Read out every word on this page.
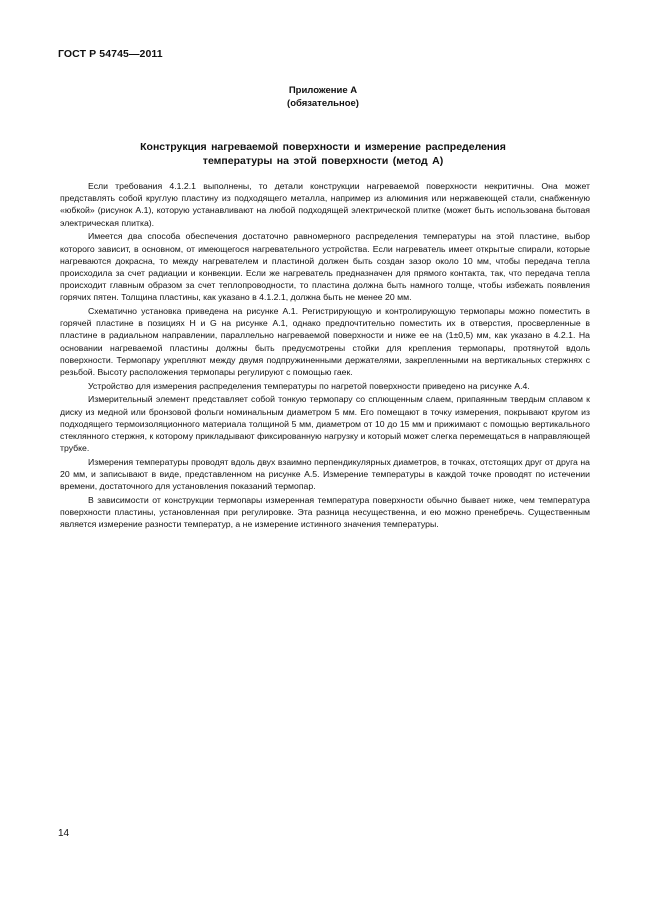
ГОСТ Р 54745—2011
Приложение А
(обязательное)
Конструкция нагреваемой поверхности и измерение распределения
температуры на этой поверхности (метод А)

Если требования 4.1.2.1 выполнены, то детали конструкции нагреваемой поверхности некритичны. Она может представлять собой круглую пластину из подходящего металла, например из алюминия или нержавеющей стали, снабженную «юбкой» (рисунок А.1), которую устанавливают на любой подходящей электрической плитке (может быть использована бытовая электрическая плитка).

Имеется два способа обеспечения достаточно равномерного распределения температуры на этой пластине, выбор которого зависит, в основном, от имеющегося нагревательного устройства. Если нагреватель имеет открытые спирали, которые нагреваются докрасна, то между нагревателем и пластиной должен быть создан зазор около 10 мм, чтобы передача тепла происходила за счет радиации и конвекции. Если же нагреватель предназначен для прямого контакта, так, что передача тепла происходит главным образом за счет теплопроводности, то пластина должна быть намного толще, чтобы избежать появления горячих пятен. Толщина пластины, как указано в 4.1.2.1, должна быть не менее 20 мм.

Схематично установка приведена на рисунке А.1. Регистрирующую и контролирующую термопары можно поместить в горячей пластине в позициях H и G на рисунке А.1, однако предпочтительно поместить их в отверстия, просверленные в пластине в радиальном направлении, параллельно нагреваемой поверхности и ниже ее на (1±0,5) мм, как указано в 4.2.1. На основании нагреваемой пластины должны быть предусмотрены стойки для крепления термопары, протянутой вдоль поверхности. Термопару укрепляют между двумя подпружиненными держателями, закрепленными на вертикальных стержнях с резьбой. Высоту расположения термопары регулируют с помощью гаек.

Устройство для измерения распределения температуры по нагретой поверхности приведено на рисунке А.4.

Измерительный элемент представляет собой тонкую термопару со сплющенным слаем, припаянным твердым сплавом к диску из медной или бронзовой фольги номинальным диаметром 5 мм. Его помещают в точку измерения, покрывают кругом из подходящего термоизоляционного материала толщиной 5 мм, диаметром от 10 до 15 мм и прижимают с помощью вертикального стеклянного стержня, к которому прикладывают фиксированную нагрузку и который может слегка перемещаться в направляющей трубке.

Измерения температуры проводят вдоль двух взаимно перпендикулярных диаметров, в точках, отстоящих друг от друга на 20 мм, и записывают в виде, представленном на рисунке А.5. Измерение температуры в каждой точке проводят по истечении времени, достаточного для установления показаний термопар.

В зависимости от конструкции термопары измеренная температура поверхности обычно бывает ниже, чем температура поверхности пластины, установленная при регулировке. Эта разница несущественна, и ею можно пренебречь. Существенным является измерение разности температур, а не измерение истинного значения температуры.

14
